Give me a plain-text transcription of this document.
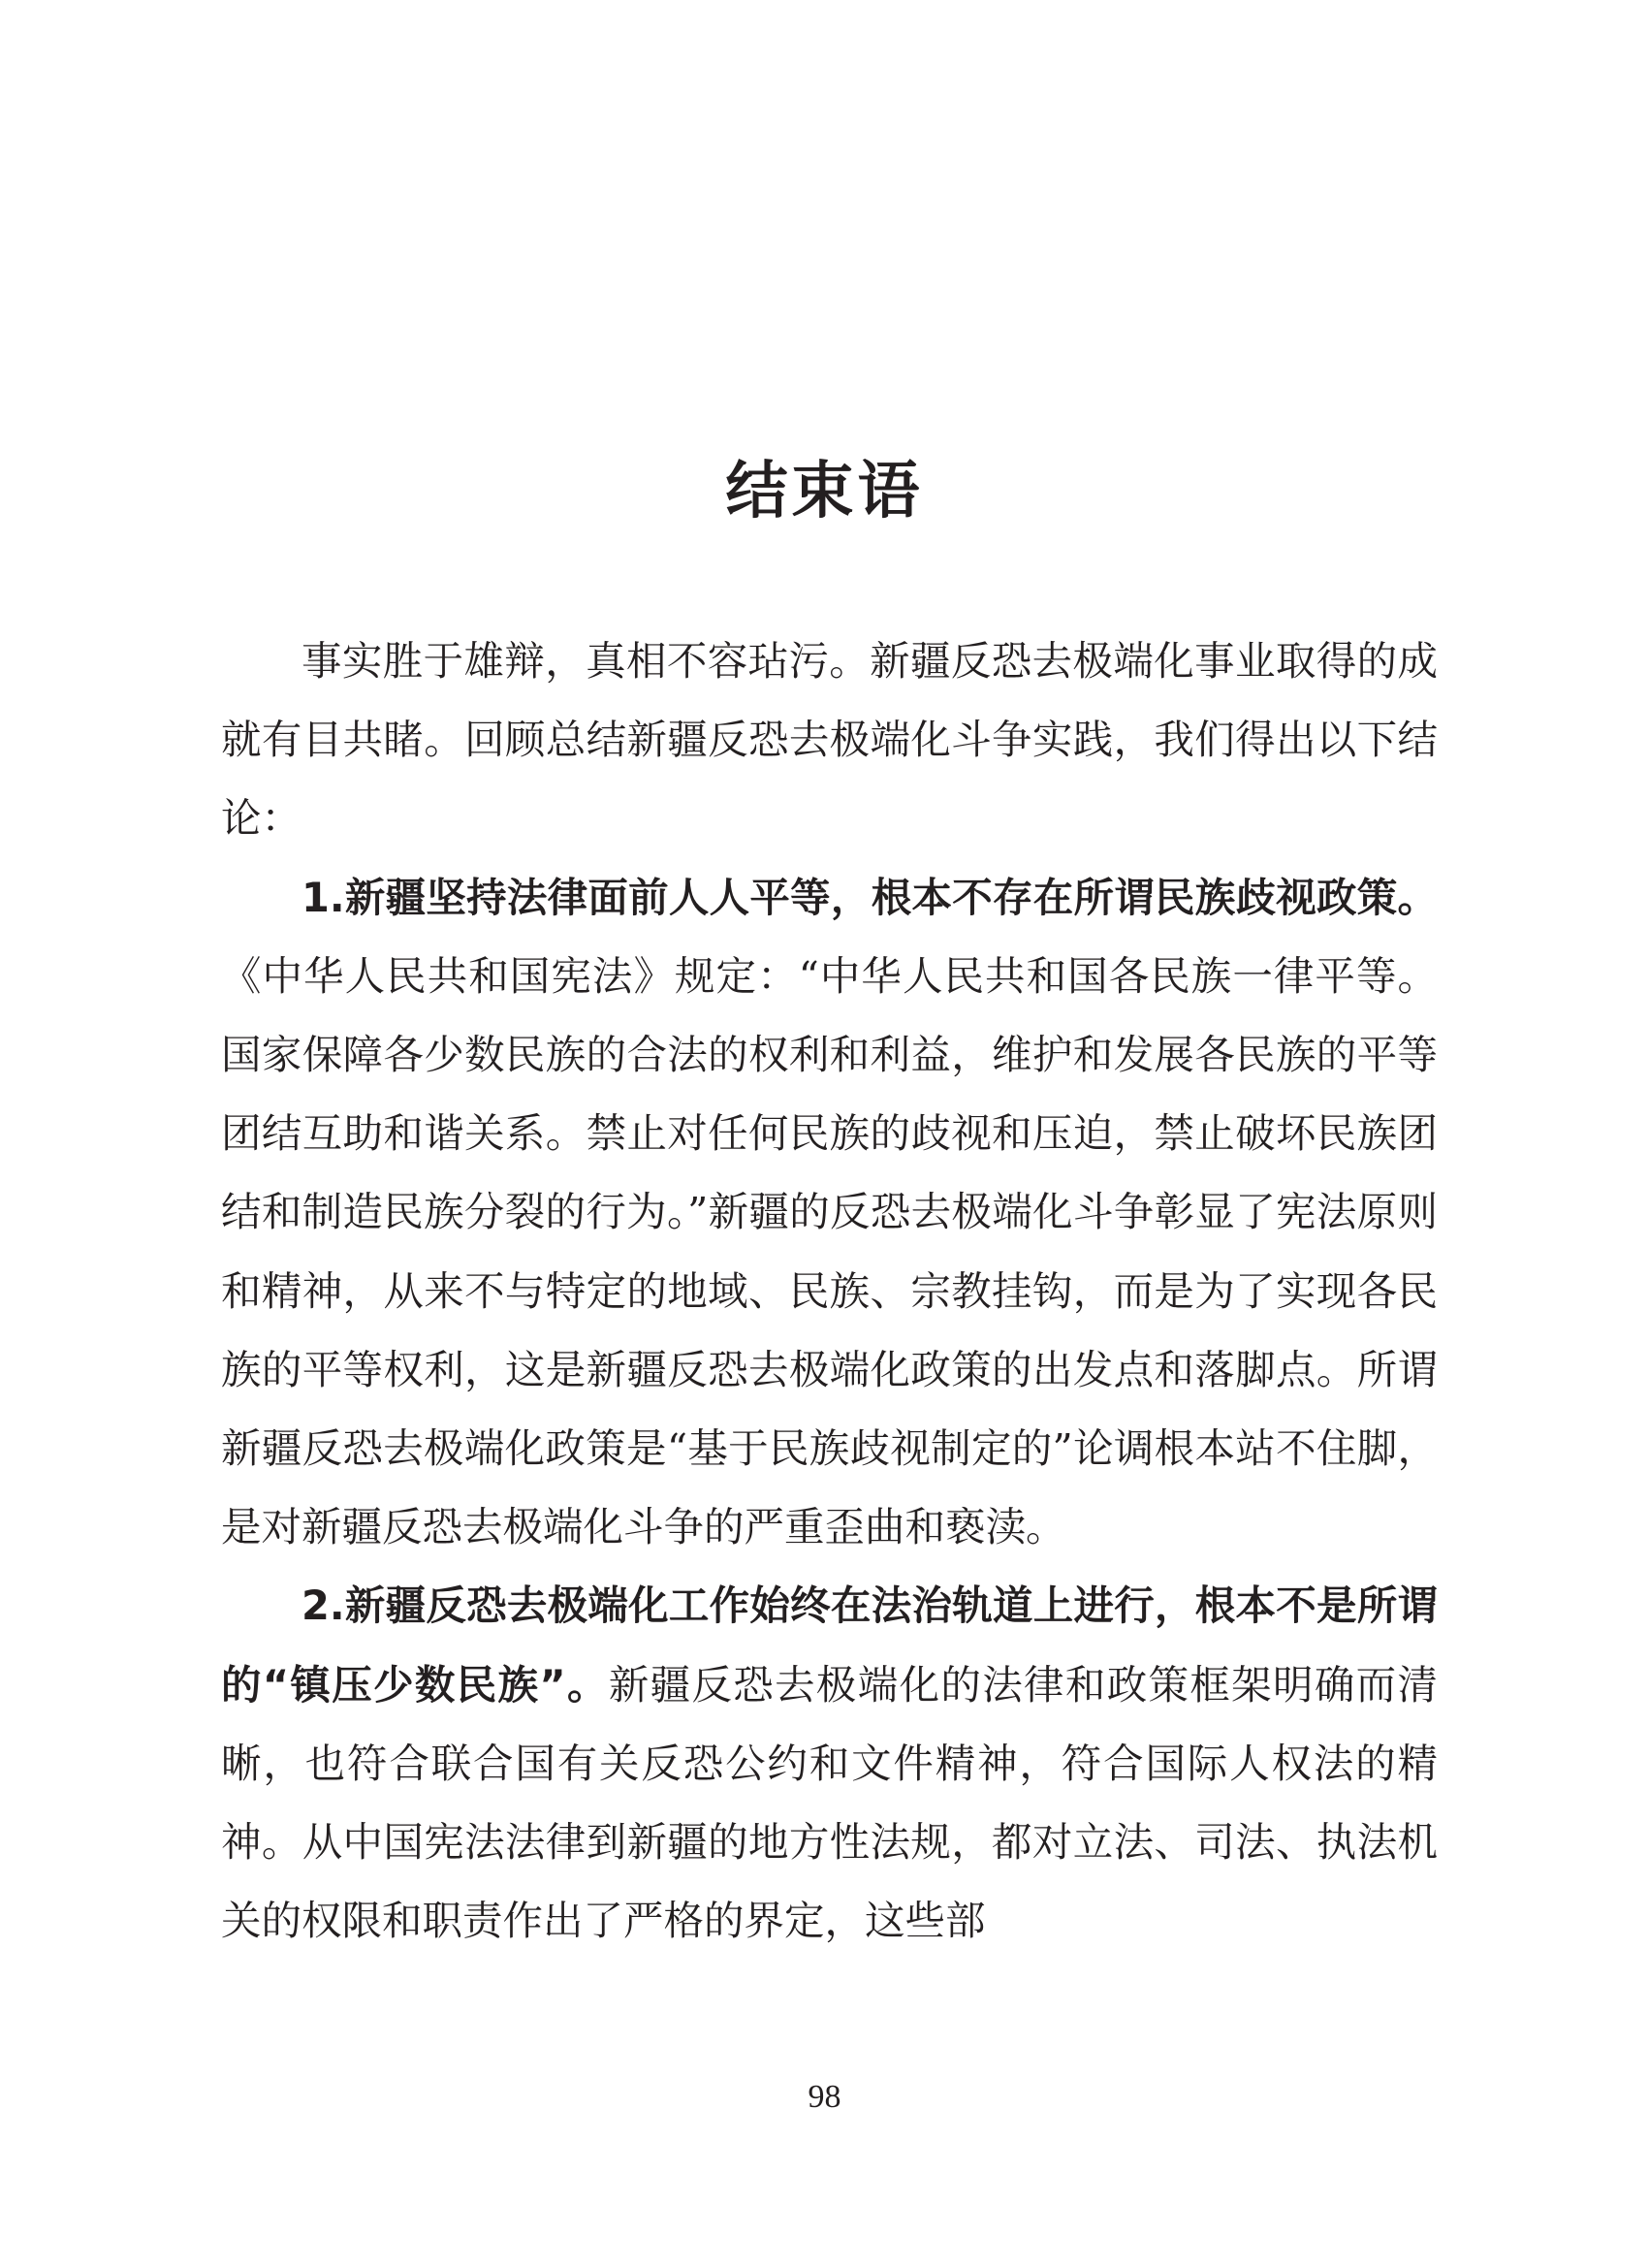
结束语

事实胜于雄辩，真相不容玷污。新疆反恐去极端化事业取得的成就有目共睹。回顾总结新疆反恐去极端化斗争实践，我们得出以下结论：

1.新疆坚持法律面前人人平等，根本不存在所谓民族歧视政策。《中华人民共和国宪法》规定：“中华人民共和国各民族一律平等。国家保障各少数民族的合法的权利和利益，维护和发展各民族的平等团结互助和谐关系。禁止对任何民族的歧视和压迫，禁止破坏民族团结和制造民族分裂的行为。”新疆的反恐去极端化斗争彰显了宪法原则和精神，从来不与特定的地域、民族、宗教挂钩，而是为了实现各民族的平等权利，这是新疆反恐去极端化政策的出发点和落脚点。所谓新疆反恐去极端化政策是“基于民族歧视制定的”论调根本站不住脚，是对新疆反恐去极端化斗争的严重歪曲和亵渎。

2.新疆反恐去极端化工作始终在法治轨道上进行，根本不是所谓的“镇压少数民族”。新疆反恐去极端化的法律和政策框架明确而清晰，也符合联合国有关反恐公约和文件精神，符合国际人权法的精神。从中国宪法法律到新疆的地方性法规，都对立法、司法、执法机关的权限和职责作出了严格的界定，这些部

98
